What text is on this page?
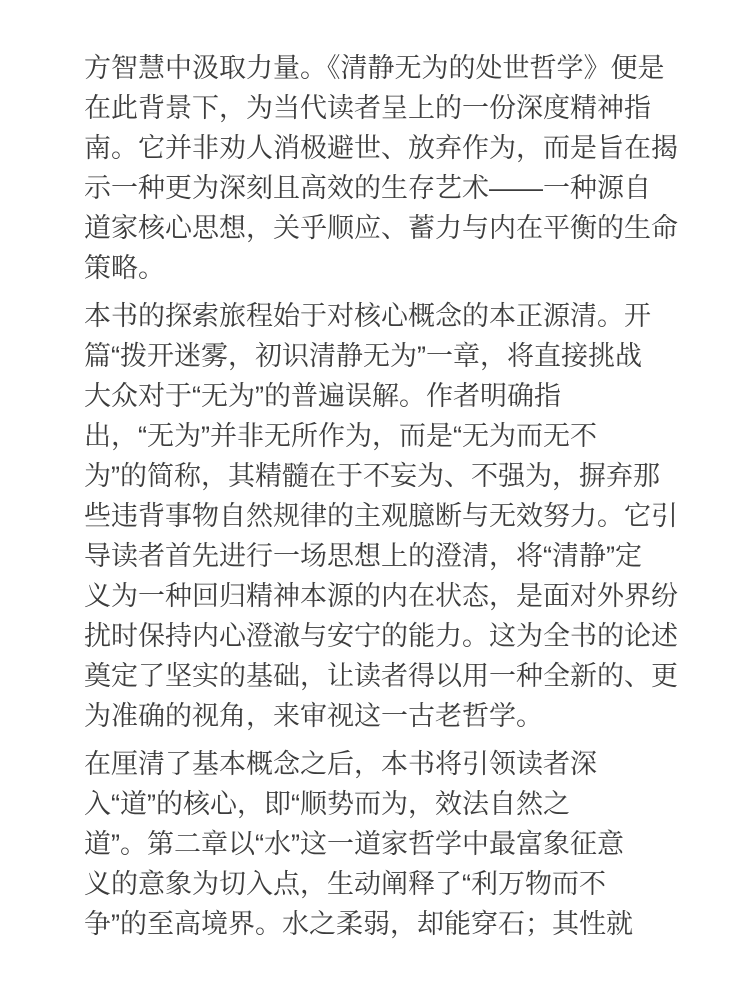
方智慧中汲取力量。《清静无为的处世哲学》便是
在此背景下，为当代读者呈上的一份深度精神指
南。它并非劝人消极避世、放弃作为，而是旨在揭
示一种更为深刻且高效的生存艺术——一种源自
道家核心思想，关乎顺应、蓄力与内在平衡的生命
策略。
本书的探索旅程始于对核心概念的本正源清。开
篇“拨开迷雾，初识清静无为”一章，将直接挑战
大众对于“无为”的普遍误解。作者明确指
出，“无为”并非无所作为，而是“无为而无不
为”的简称，其精髓在于不妄为、不强为，摒弃那
些违背事物自然规律的主观臆断与无效努力。它引
导读者首先进行一场思想上的澄清，将“清静”定
义为一种回归精神本源的内在状态，是面对外界纷
扰时保持内心澄澈与安宁的能力。这为全书的论述
奠定了坚实的基础，让读者得以用一种全新的、更
为准确的视角，来审视这一古老哲学。
在厘清了基本概念之后，本书将引领读者深
入“道”的核心，即“顺势而为，效法自然之
道”。第二章以“水”这一道家哲学中最富象征意
义的意象为切入点，生动阐释了“利万物而不
争”的至高境界。水之柔弱，却能穿石；其性就
